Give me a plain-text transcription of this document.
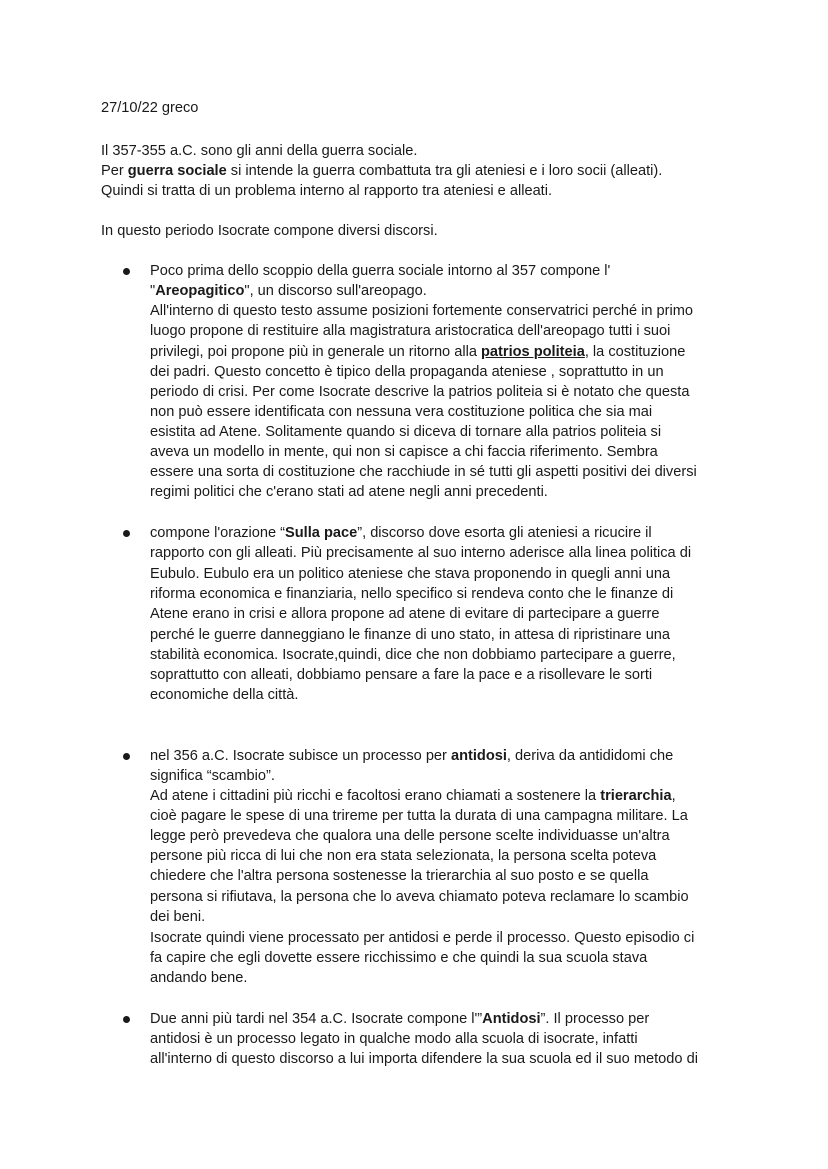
27/10/22 greco
Il 357-355 a.C. sono gli anni della guerra sociale.
Per guerra sociale si intende la guerra combattuta tra gli ateniesi e i loro socii (alleati).
Quindi si tratta di un problema interno al rapporto tra ateniesi e alleati.
In questo periodo Isocrate compone diversi discorsi.
Poco prima dello scoppio della guerra sociale intorno al 357 compone l'
"Areopagitico", un discorso sull'areopago.
All'interno di questo testo assume posizioni fortemente conservatrici perché in primo
luogo propone di restituire alla magistratura aristocratica dell'areopago tutti i suoi
privilegi, poi propone più in generale un ritorno alla patrios politeia, la costituzione
dei padri. Questo concetto è tipico della propaganda ateniese , soprattutto in un
periodo di crisi. Per come Isocrate descrive la patrios politeia si è notato che questa
non può essere identificata con nessuna vera costituzione politica che sia mai
esistita ad Atene. Solitamente quando si diceva di tornare alla patrios politeia si
aveva un modello in mente, qui non si capisce a chi faccia riferimento. Sembra
essere una sorta di costituzione che racchiude in sé tutti gli aspetti positivi dei diversi
regimi politici che c'erano stati ad atene negli anni precedenti.
compone l'orazione “Sulla pace”, discorso dove esorta gli ateniesi a ricucire il
rapporto con gli alleati. Più precisamente al suo interno aderisce alla linea politica di
Eubulo. Eubulo era un politico ateniese che stava proponendo in quegli anni una
riforma economica e finanziaria, nello specifico si rendeva conto che le finanze di
Atene erano in crisi e allora propone ad atene di evitare di partecipare a guerre
perché le guerre danneggiano le finanze di uno stato, in attesa di ripristinare una
stabilità economica. Isocrate,quindi, dice che non dobbiamo partecipare a guerre,
soprattutto con alleati, dobbiamo pensare a fare la pace e a risollevare le sorti
economiche della città.
nel 356 a.C. Isocrate subisce un processo per antidosi, deriva da antididomi che
significa “scambio”.
Ad atene i cittadini più ricchi e facoltosi erano chiamati a sostenere la trierarchia,
cioè pagare le spese di una trireme per tutta la durata di una campagna militare. La
legge però prevedeva che qualora una delle persone scelte individuasse un'altra
persone più ricca di lui che non era stata selezionata, la persona scelta poteva
chiedere che l'altra persona sostenesse la trierarchia al suo posto e se quella
persona si rifiutava, la persona che lo aveva chiamato poteva reclamare lo scambio
dei beni.
Isocrate quindi viene processato per antidosi e perde il processo. Questo episodio ci
fa capire che egli dovette essere ricchissimo e che quindi la sua scuola stava
andando bene.
Due anni più tardi nel 354 a.C. Isocrate compone l'”Antidosi”. Il processo per
antidosi è un processo legato in qualche modo alla scuola di isocrate, infatti
all'interno di questo discorso a lui importa difendere la sua scuola ed il suo metodo di
